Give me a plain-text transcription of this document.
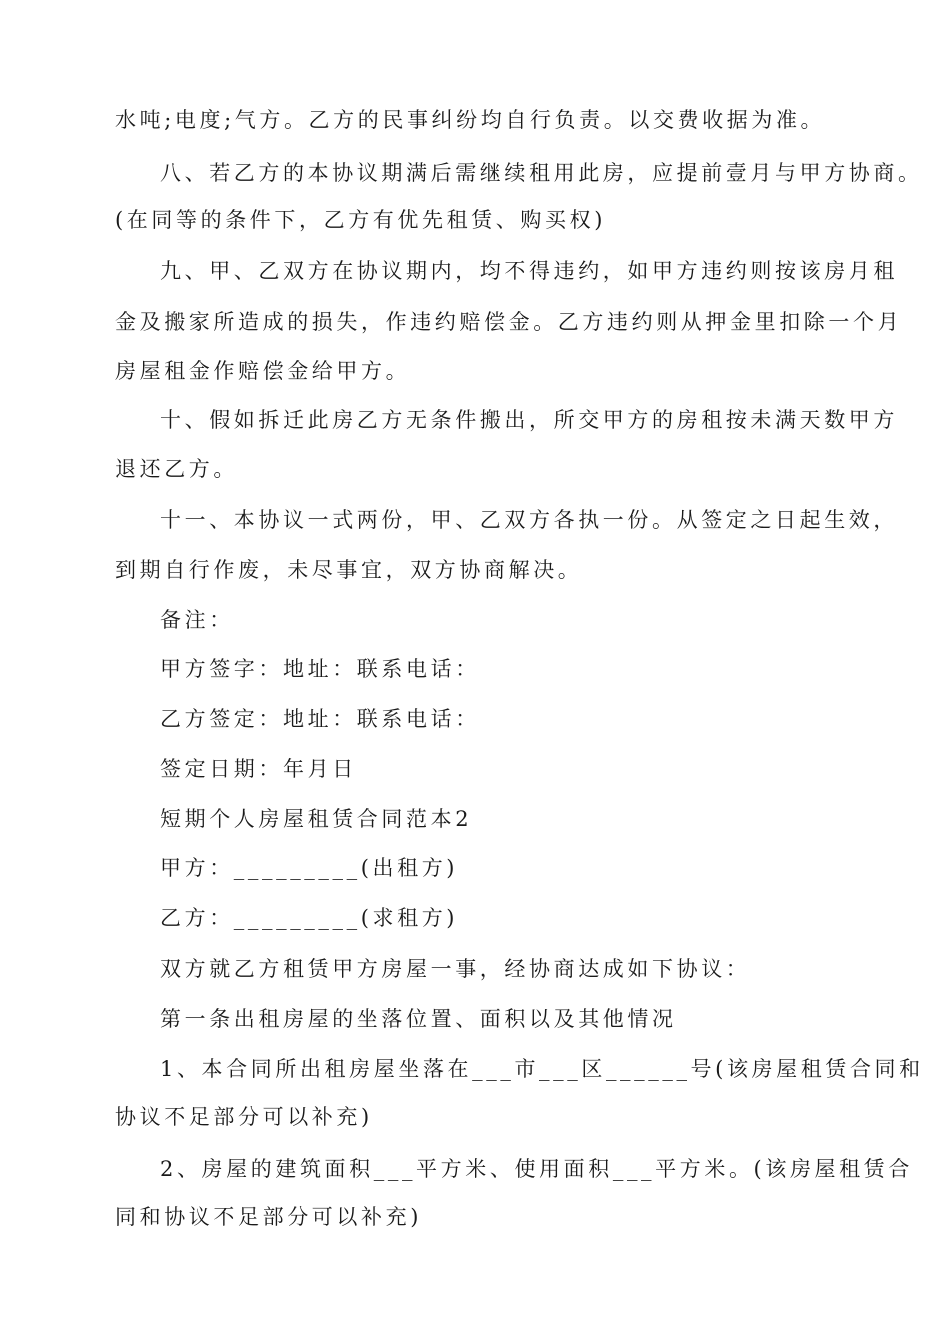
水吨;电度;气方。乙方的民事纠纷均自行负责。以交费收据为准。
八、若乙方的本协议期满后需继续租用此房，应提前壹月与甲方协商。
(在同等的条件下，乙方有优先租赁、购买权)
九、甲、乙双方在协议期内，均不得违约，如甲方违约则按该房月租
金及搬家所造成的损失，作违约赔偿金。乙方违约则从押金里扣除一个月
房屋租金作赔偿金给甲方。
十、假如拆迁此房乙方无条件搬出，所交甲方的房租按未满天数甲方
退还乙方。
十一、本协议一式两份，甲、乙双方各执一份。从签定之日起生效，
到期自行作废，未尽事宜，双方协商解决。
备注：
甲方签字：地址：联系电话：
乙方签定：地址：联系电话：
签定日期：年月日
短期个人房屋租赁合同范本2
甲方：_________(出租方)
乙方：_________(求租方)
双方就乙方租赁甲方房屋一事，经协商达成如下协议：
第一条出租房屋的坐落位置、面积以及其他情况
1、本合同所出租房屋坐落在___市___区______号(该房屋租赁合同和
协议不足部分可以补充)
2、房屋的建筑面积___平方米、使用面积___平方米。(该房屋租赁合
同和协议不足部分可以补充)
